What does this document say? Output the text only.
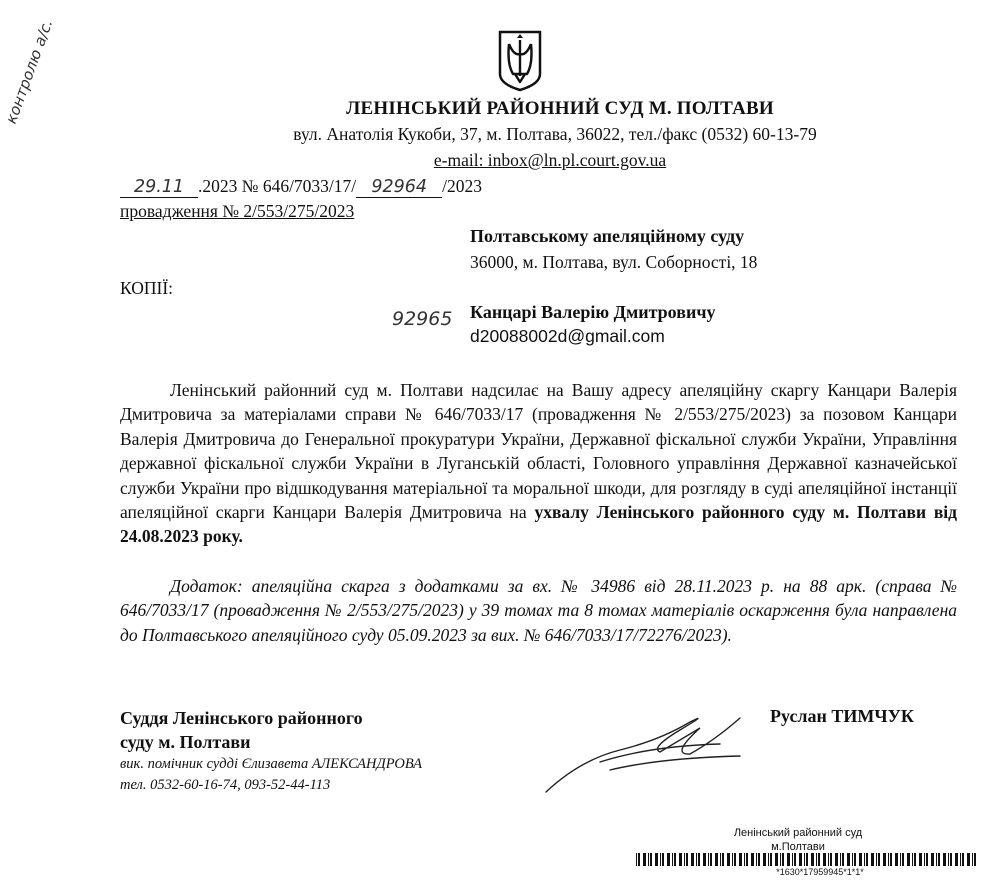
ЛЕНІНСЬКИЙ РАЙОННИЙ СУД М. ПОЛТАВИ
вул. Анатолія Кукоби, 37, м. Полтава, 36022, тел./факс (0532) 60-13-79
e-mail: inbox@ln.pl.court.gov.ua
контролю а/с.
29.11 .2023 № 646/7033/17/ 92964 /2023
провадження № 2/553/275/2023
Полтавському апеляційному суду
36000, м. Полтава, вул. Соборності, 18
КОПІЇ:
92965 Канцарі Валерію Дмитровичу
d20088002d@gmail.com

Ленінський районний суд м. Полтави надсилає на Вашу адресу апеляційну скаргу Канцари Валерія Дмитровича за матеріалами справи № 646/7033/17 (провадження № 2/553/275/2023) за позовом Канцари Валерія Дмитровича до Генеральної прокуратури України, Державної фіскальної служби України, Управління державної фіскальної служби України в Луганській області, Головного управління Державної казначейської служби України про відшкодування матеріальної та моральної шкоди, для розгляду в суді апеляційної інстанції апеляційної скарги Канцари Валерія Дмитровича на ухвалу Ленінського районного суду м. Полтави від 24.08.2023 року.

Додаток: апеляційна скарга з додатками за вх. № 34986 від 28.11.2023 р. на 88 арк. (справа № 646/7033/17 (провадження № 2/553/275/2023) у 39 томах та 8 томах матеріалів оскарження була направлена до Полтавського апеляційного суду 05.09.2023 за вих. № 646/7033/17/72276/2023).

Суддя Ленінського районного
суду м. Полтави
Руслан ТИМЧУК
вик. помічник судді Єлизавета АЛЕКСАНДРОВА
тел. 0532-60-16-74, 093-52-44-113
Ленінський районний суд
м.Полтави
*1630*17959945*1*1*
